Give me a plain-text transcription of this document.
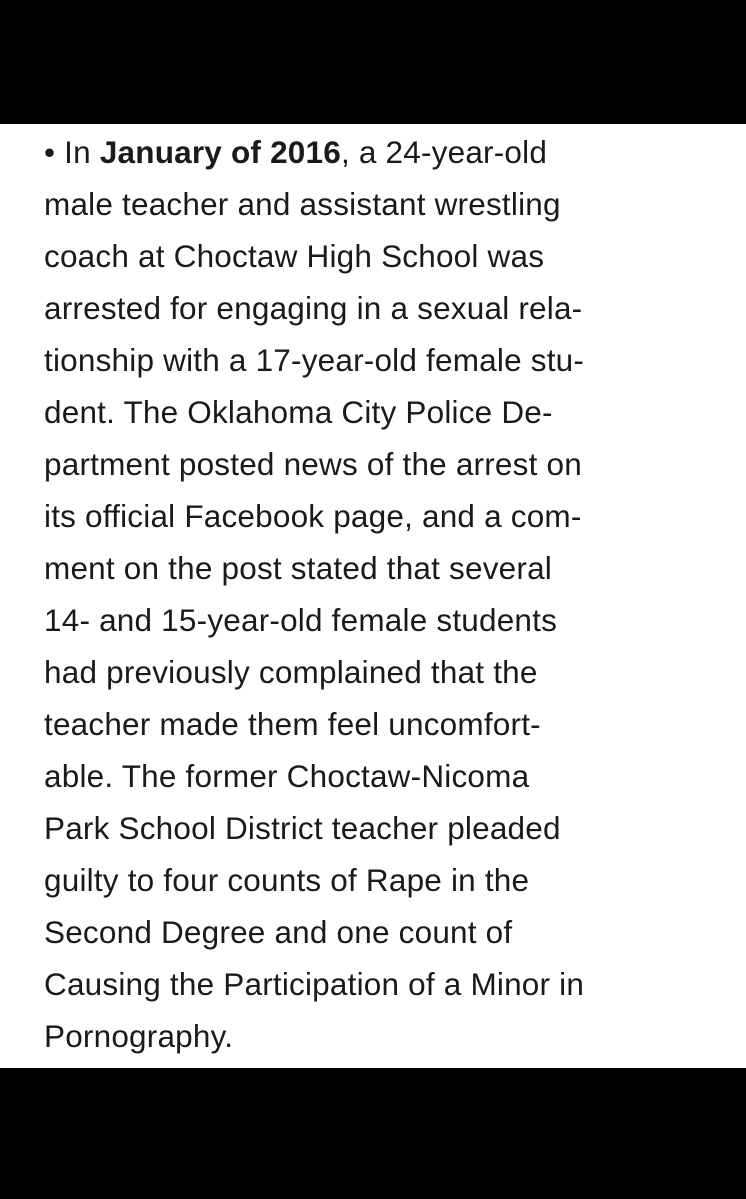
• In January of 2016, a 24-year-old
male teacher and assistant wrestling
coach at Choctaw High School was
arrested for engaging in a sexual rela-
tionship with a 17-year-old female stu-
dent. The Oklahoma City Police De-
partment posted news of the arrest on
its official Facebook page, and a com-
ment on the post stated that several
14- and 15-year-old female students
had previously complained that the
teacher made them feel uncomfort-
able. The former Choctaw-Nicoma
Park School District teacher pleaded
guilty to four counts of Rape in the
Second Degree and one count of
Causing the Participation of a Minor in
Pornography.
